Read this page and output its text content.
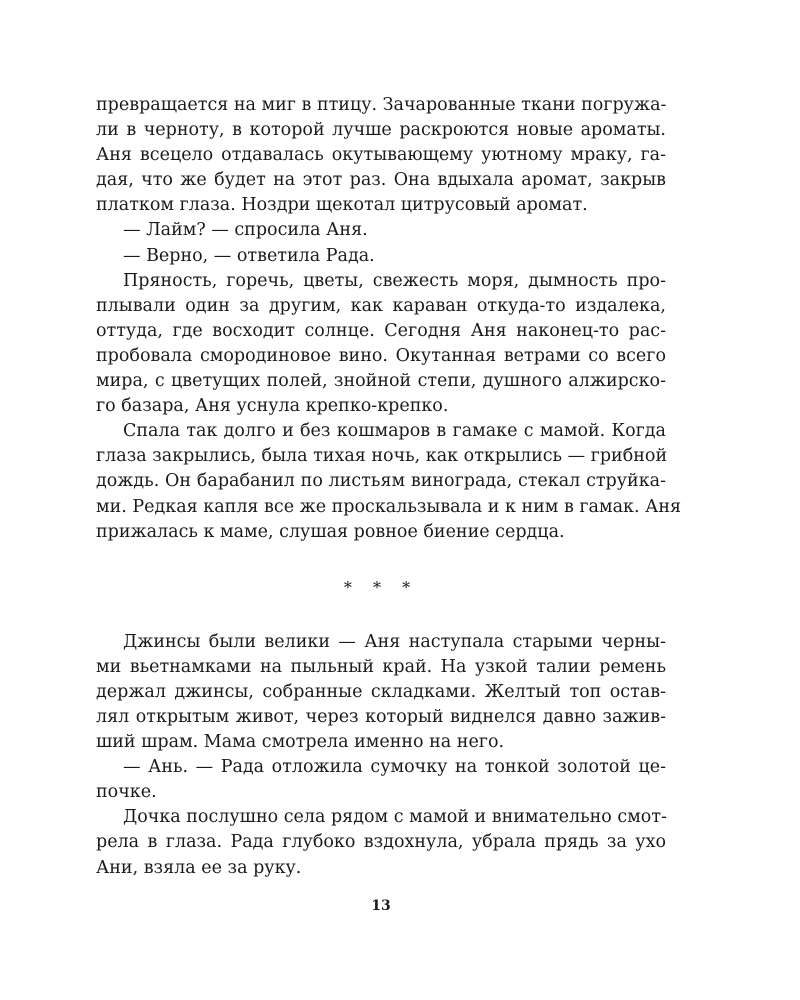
превращается на миг в птицу. Зачарованные ткани погружа-
ли в черноту, в которой лучше раскроются новые ароматы.
Аня всецело отдавалась окутывающему уютному мраку, га-
дая, что же будет на этот раз. Она вдыхала аромат, закрыв
платком глаза. Ноздри щекотал цитрусовый аромат.
— Лайм? — спросила Аня.
— Верно, — ответила Рада.
Пряность, горечь, цветы, свежесть моря, дымность про-
плывали один за другим, как караван откуда-то издалека,
оттуда, где восходит солнце. Сегодня Аня наконец-то рас-
пробовала смородиновое вино. Окутанная ветрами со всего
мира, с цветущих полей, знойной степи, душного алжирско-
го базара, Аня уснула крепко-крепко.
Спала так долго и без кошмаров в гамаке с мамой. Когда
глаза закрылись, была тихая ночь, как открылись — грибной
дождь. Он барабанил по листьям винограда, стекал струйка-
ми. Редкая капля все же проскальзывала и к ним в гамак. Аня
прижалась к маме, слушая ровное биение сердца.
* * *
Джинсы были велики — Аня наступала старыми черны-
ми вьетнамками на пыльный край. На узкой талии ремень
держал джинсы, собранные складками. Желтый топ остав-
лял открытым живот, через который виднелся давно зажив-
ший шрам. Мама смотрела именно на него.
— Ань. — Рада отложила сумочку на тонкой золотой це-
почке.
Дочка послушно села рядом с мамой и внимательно смот-
рела в глаза. Рада глубоко вздохнула, убрала прядь за ухо
Ани, взяла ее за руку.
13
